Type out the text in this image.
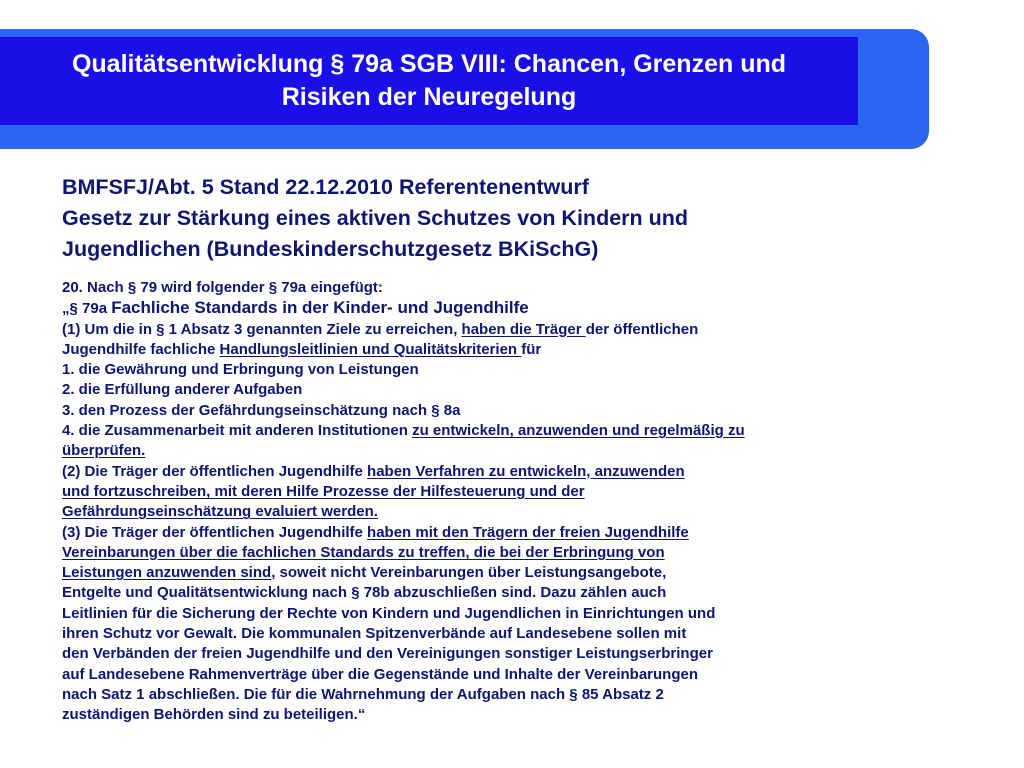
Qualitätsentwicklung § 79a SGB VIII: Chancen, Grenzen und
Risiken der Neuregelung
BMFSFJ/Abt. 5 Stand 22.12.2010 Referentenentwurf
Gesetz zur Stärkung eines aktiven Schutzes von Kindern und
Jugendlichen (Bundeskinderschutzgesetz BKiSchG)
20. Nach § 79 wird folgender § 79a eingefügt:
„§ 79a Fachliche Standards in der Kinder- und Jugendhilfe
(1) Um die in § 1 Absatz 3 genannten Ziele zu erreichen, haben die Träger der öffentlichen
Jugendhilfe fachliche Handlungsleitlinien und Qualitätskriterien für
1. die Gewährung und Erbringung von Leistungen
2. die Erfüllung anderer Aufgaben
3. den Prozess der Gefährdungseinschätzung nach § 8a
4. die Zusammenarbeit mit anderen Institutionen zu entwickeln, anzuwenden und regelmäßig zu
überprüfen.
(2) Die Träger der öffentlichen Jugendhilfe haben Verfahren zu entwickeln, anzuwenden
und fortzuschreiben, mit deren Hilfe Prozesse der Hilfesteuerung und der
Gefährdungseinschätzung evaluiert werden.
(3) Die Träger der öffentlichen Jugendhilfe haben mit den Trägern der freien Jugendhilfe
Vereinbarungen über die fachlichen Standards zu treffen, die bei der Erbringung von
Leistungen anzuwenden sind, soweit nicht Vereinbarungen über Leistungsangebote,
Entgelte und Qualitätsentwicklung nach § 78b abzuschließen sind. Dazu zählen auch
Leitlinien für die Sicherung der Rechte von Kindern und Jugendlichen in Einrichtungen und
ihren Schutz vor Gewalt. Die kommunalen Spitzenverbände auf Landesebene sollen mit
den Verbänden der freien Jugendhilfe und den Vereinigungen sonstiger Leistungserbringer
auf Landesebene Rahmenverträge über die Gegenstände und Inhalte der Vereinbarungen
nach Satz 1 abschließen. Die für die Wahrnehmung der Aufgaben nach § 85 Absatz 2
zuständigen Behörden sind zu beteiligen.“
